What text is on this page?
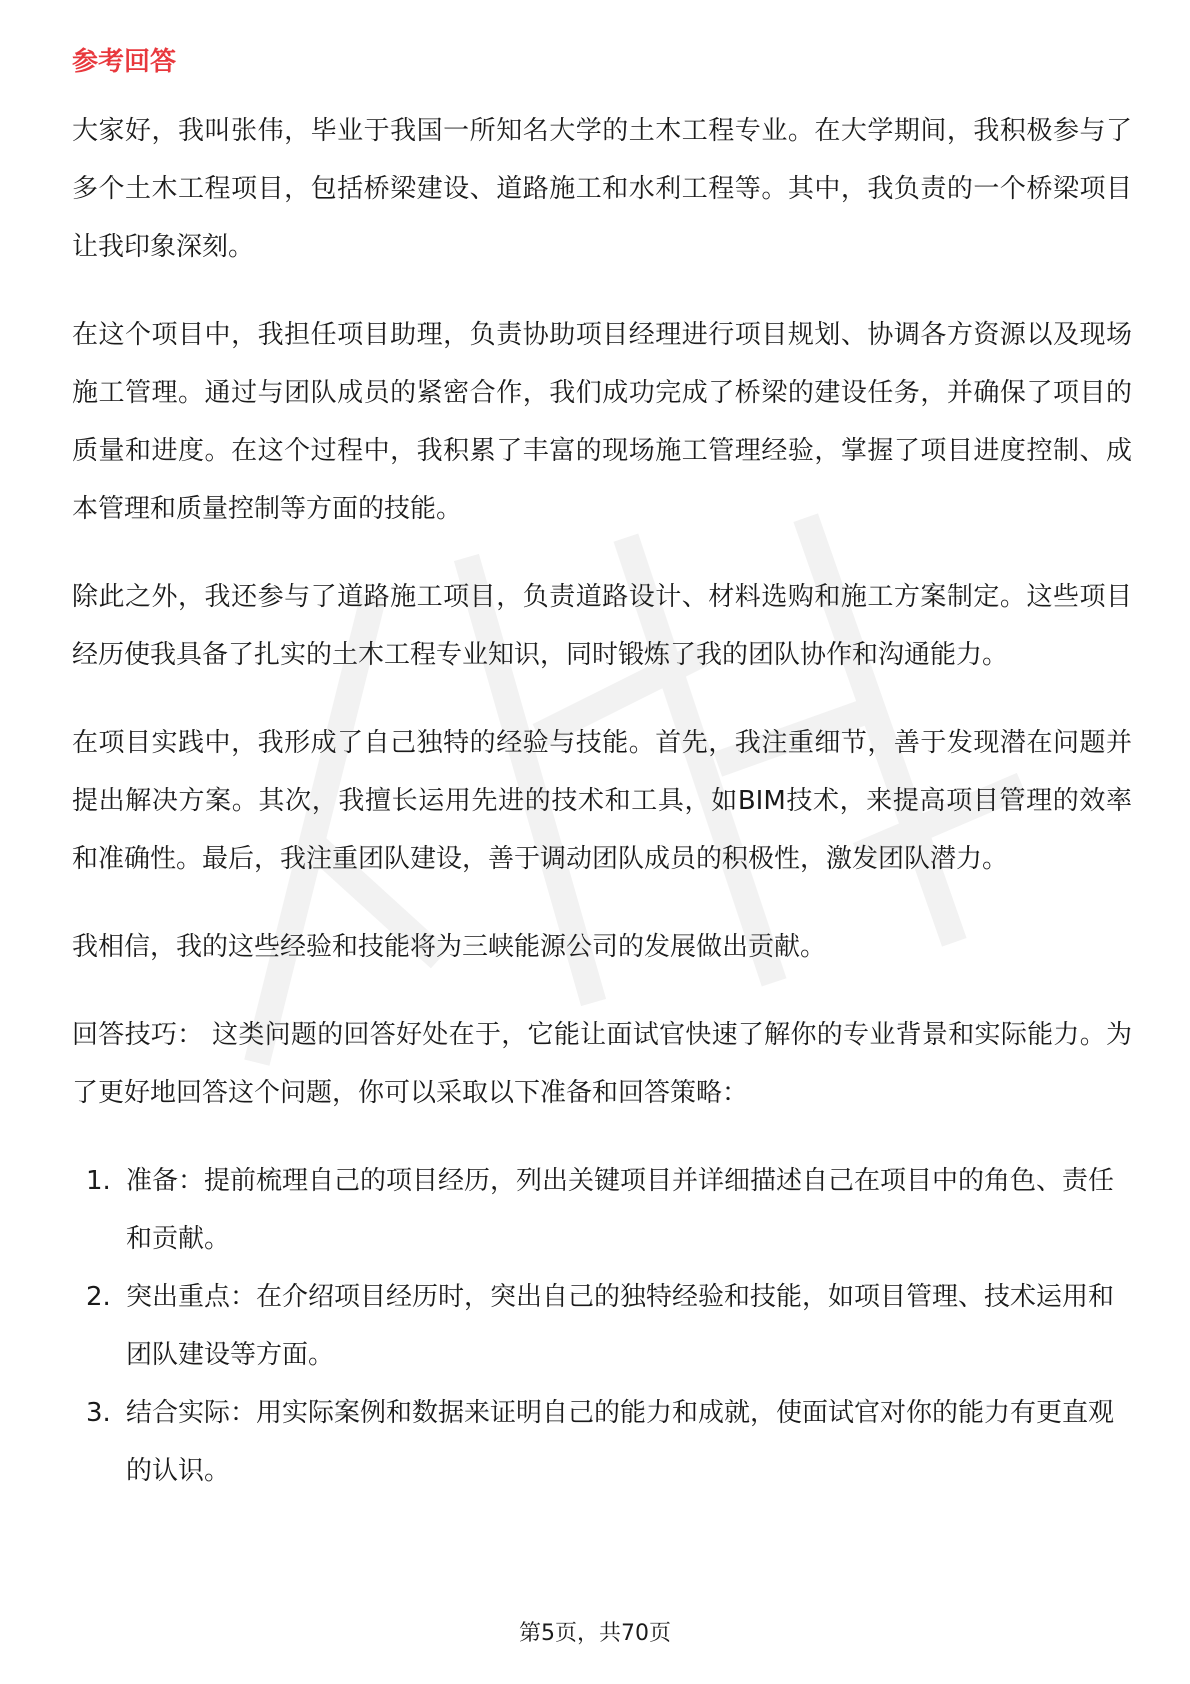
参考回答

大家好，我叫张伟，毕业于我国一所知名大学的土木工程专业。在大学期间，我积极参与了多个土木工程项目，包括桥梁建设、道路施工和水利工程等。其中，我负责的一个桥梁项目让我印象深刻。

在这个项目中，我担任项目助理，负责协助项目经理进行项目规划、协调各方资源以及现场施工管理。通过与团队成员的紧密合作，我们成功完成了桥梁的建设任务，并确保了项目的质量和进度。在这个过程中，我积累了丰富的现场施工管理经验，掌握了项目进度控制、成本管理和质量控制等方面的技能。

除此之外，我还参与了道路施工项目，负责道路设计、材料选购和施工方案制定。这些项目经历使我具备了扎实的土木工程专业知识，同时锻炼了我的团队协作和沟通能力。

在项目实践中，我形成了自己独特的经验与技能。首先，我注重细节，善于发现潜在问题并提出解决方案。其次，我擅长运用先进的技术和工具，如BIM技术，来提高项目管理的效率和准确性。最后，我注重团队建设，善于调动团队成员的积极性，激发团队潜力。

我相信，我的这些经验和技能将为三峡能源公司的发展做出贡献。

回答技巧： 这类问题的回答好处在于，它能让面试官快速了解你的专业背景和实际能力。为了更好地回答这个问题，你可以采取以下准备和回答策略：

1. 准备：提前梳理自己的项目经历，列出关键项目并详细描述自己在项目中的角色、责任和贡献。
2. 突出重点：在介绍项目经历时，突出自己的独特经验和技能，如项目管理、技术运用和团队建设等方面。
3. 结合实际：用实际案例和数据来证明自己的能力和成就，使面试官对你的能力有更直观的认识。
第5页，共70页
